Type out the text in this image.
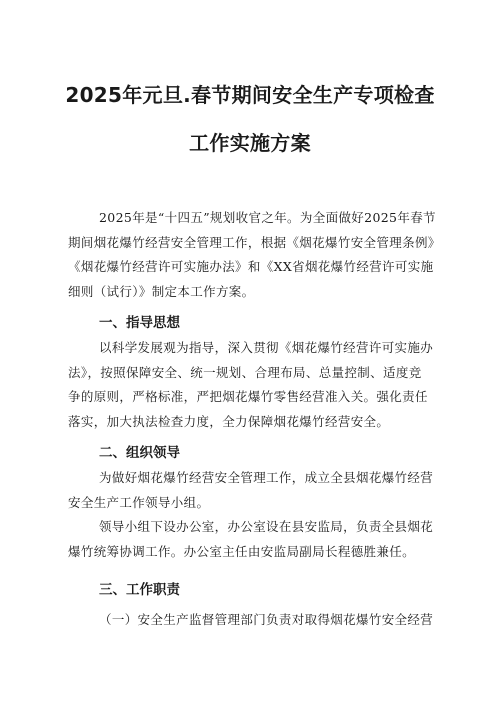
2025年元旦.春节期间安全生产专项检查
工作实施方案
2025年是“十四五”规划收官之年。为全面做好2025年春节
期间烟花爆竹经营安全管理工作，根据《烟花爆竹安全管理条例》
《烟花爆竹经营许可实施办法》和《XX省烟花爆竹经营许可实施
细则（试行）》制定本工作方案。
一、指导思想
以科学发展观为指导，深入贯彻《烟花爆竹经营许可实施办
法》，按照保障安全、统一规划、合理布局、总量控制、适度竞
争的原则，严格标准，严把烟花爆竹零售经营准入关。强化责任
落实，加大执法检查力度，全力保障烟花爆竹经营安全。
二、组织领导
为做好烟花爆竹经营安全管理工作，成立全县烟花爆竹经营
安全生产工作领导小组。
领导小组下设办公室，办公室设在县安监局，负责全县烟花
爆竹统筹协调工作。办公室主任由安监局副局长程德胜兼任。
三、工作职责
（一）安全生产监督管理部门负责对取得烟花爆竹安全经营
